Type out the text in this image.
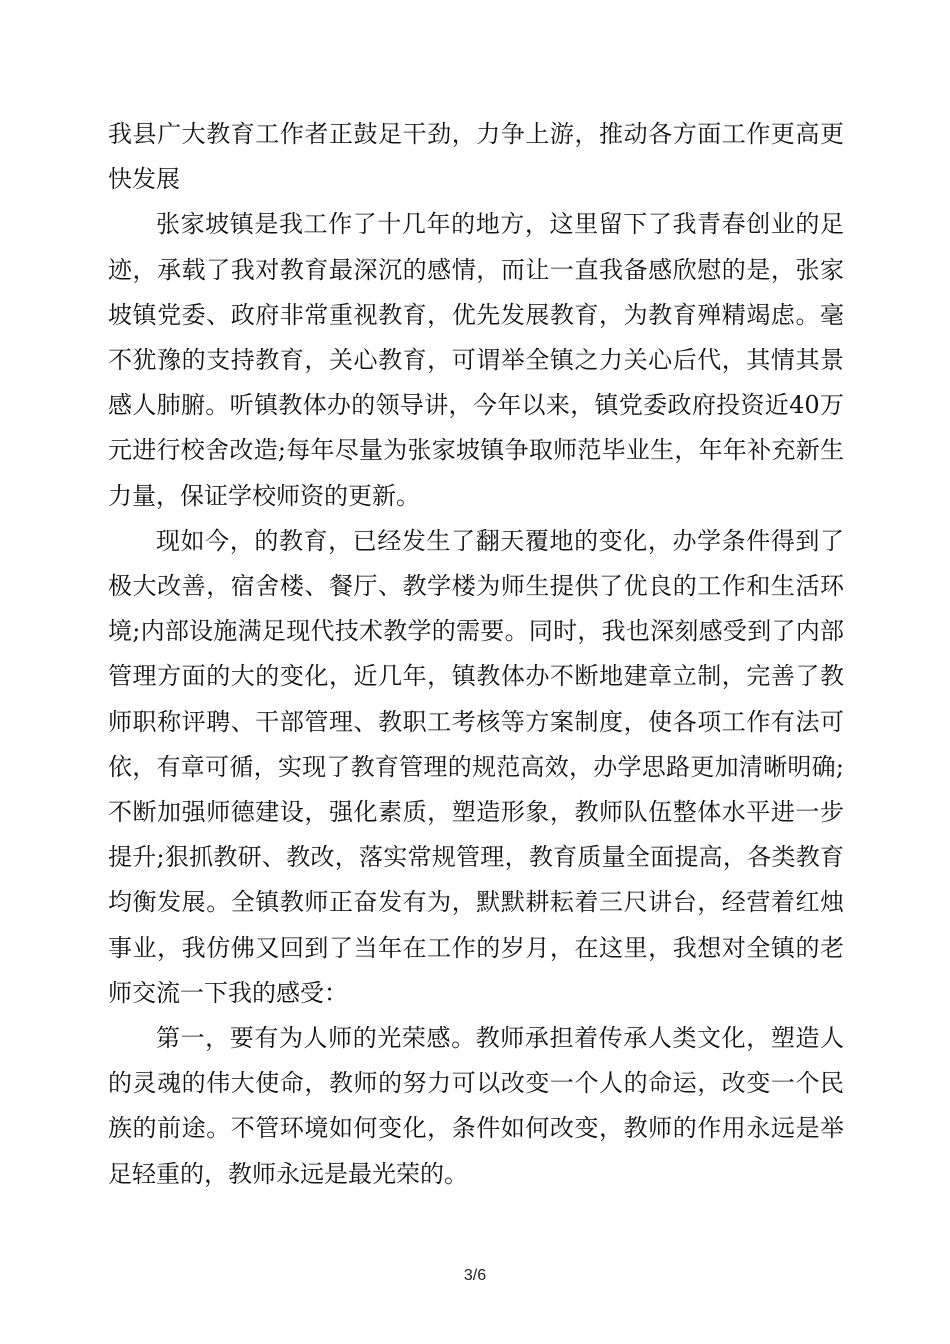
我县广大教育工作者正鼓足干劲，力争上游，推动各方面工作更高更快发展

张家坡镇是我工作了十几年的地方，这里留下了我青春创业的足迹，承载了我对教育最深沉的感情，而让一直我备感欣慰的是，张家坡镇党委、政府非常重视教育，优先发展教育，为教育殚精竭虑。毫不犹豫的支持教育，关心教育，可谓举全镇之力关心后代，其情其景感人肺腑。听镇教体办的领导讲，今年以来，镇党委政府投资近40万元进行校舍改造;每年尽量为张家坡镇争取师范毕业生，年年补充新生力量，保证学校师资的更新。

现如今，的教育，已经发生了翻天覆地的变化，办学条件得到了极大改善，宿舍楼、餐厅、教学楼为师生提供了优良的工作和生活环境;内部设施满足现代技术教学的需要。同时，我也深刻感受到了内部管理方面的大的变化，近几年，镇教体办不断地建章立制，完善了教师职称评聘、干部管理、教职工考核等方案制度，使各项工作有法可依，有章可循，实现了教育管理的规范高效，办学思路更加清晰明确;不断加强师德建设，强化素质，塑造形象，教师队伍整体水平进一步提升;狠抓教研、教改，落实常规管理，教育质量全面提高，各类教育均衡发展。全镇教师正奋发有为，默默耕耘着三尺讲台，经营着红烛事业，我仿佛又回到了当年在工作的岁月，在这里，我想对全镇的老师交流一下我的感受：

第一，要有为人师的光荣感。教师承担着传承人类文化，塑造人的灵魂的伟大使命，教师的努力可以改变一个人的命运，改变一个民族的前途。不管环境如何变化，条件如何改变，教师的作用永远是举足轻重的，教师永远是最光荣的。

3/6
